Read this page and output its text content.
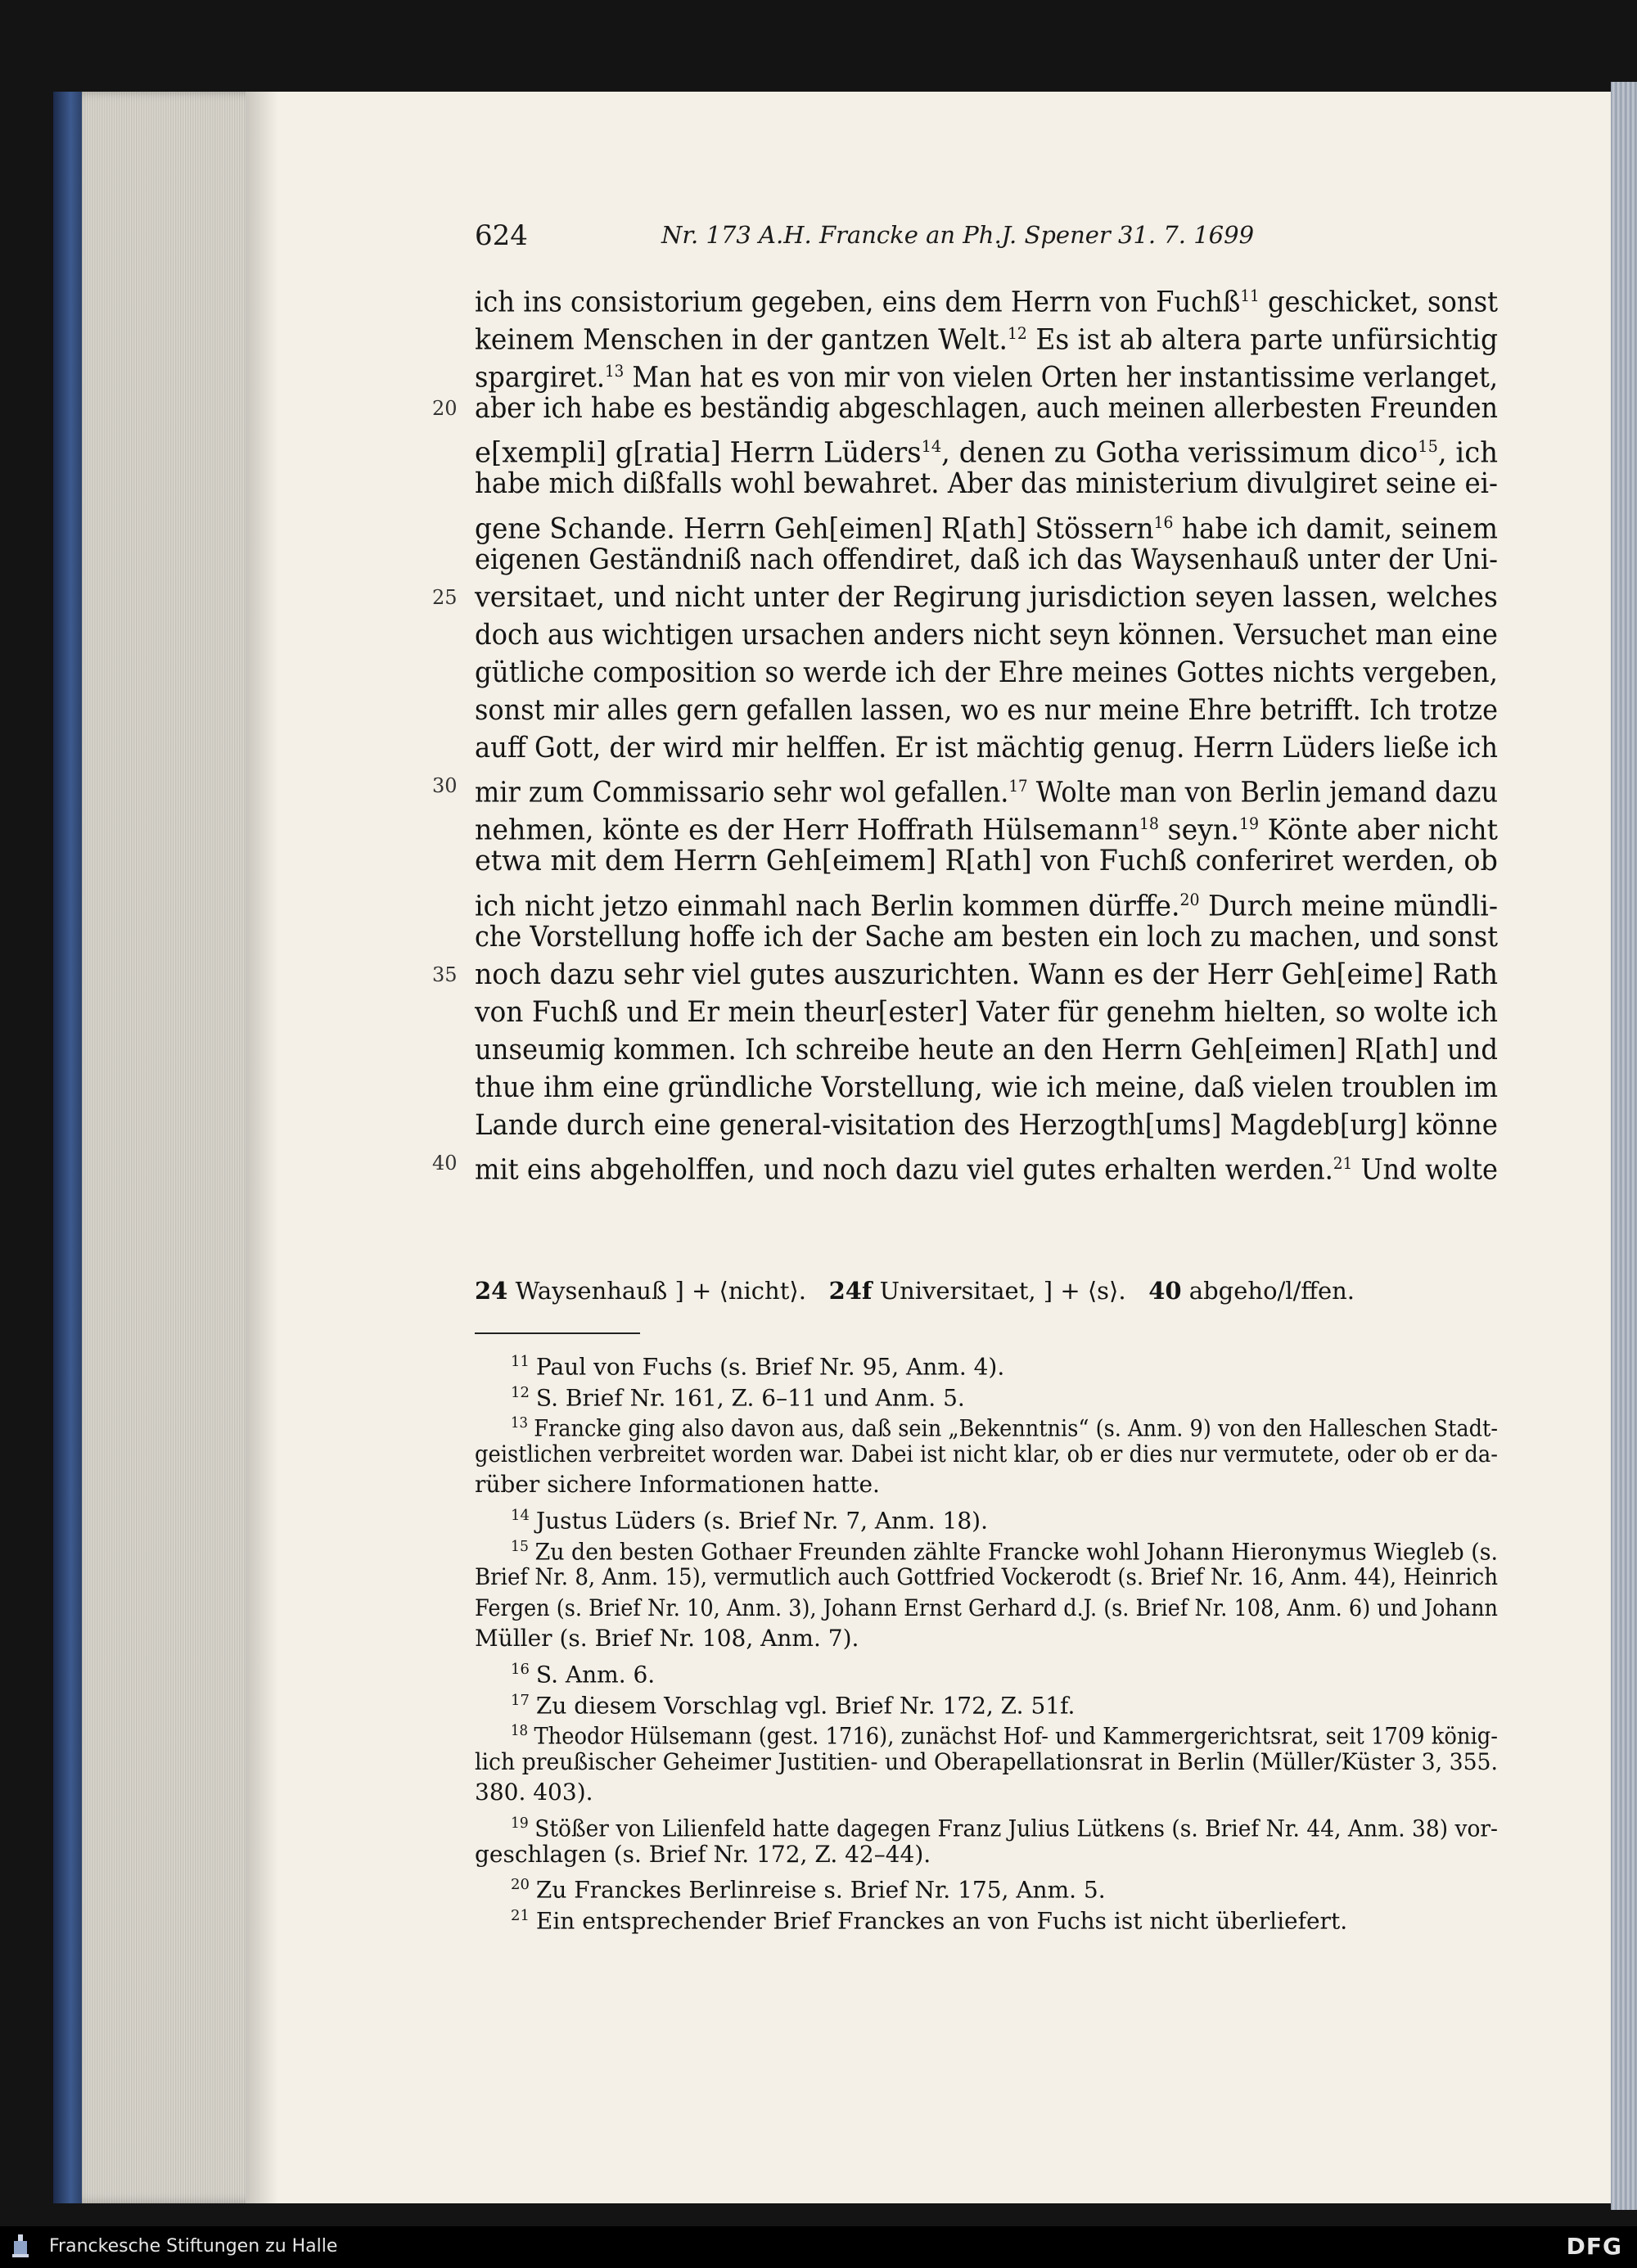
624	Nr. 173 A.H. Francke an Ph.J. Spener 31. 7. 1699
ich ins consistorium gegeben, eins dem Herrn von Fuchß$^{11}$ geschicket, sonst
keinem Menschen in der gantzen Welt.$^{12}$ Es ist ab altera parte unfürsichtig
spargiret.$^{13}$ Man hat es von mir von vielen Orten her instantissime verlanget,
aber ich habe es beständig abgeschlagen, auch meinen allerbesten Freunden
20
e[xempli] g[ratia] Herrn Lüders$^{14}$, denen zu Gotha verissimum dico$^{15}$, ich
habe mich dißfalls wohl bewahret. Aber das ministerium divulgiret seine ei-
gene Schande. Herrn Geh[eimen] R[ath] Stössern$^{16}$ habe ich damit, seinem
eigenen Geständniß nach offendiret, daß ich das Waysenhauß unter der Uni-
versitaet, und nicht unter der Regirung jurisdiction seyen lassen, welches
25
doch aus wichtigen ursachen anders nicht seyn können. Versuchet man eine
gütliche composition so werde ich der Ehre meines Gottes nichts vergeben,
sonst mir alles gern gefallen lassen, wo es nur meine Ehre betrifft. Ich trotze
auff Gott, der wird mir helffen. Er ist mächtig genug. Herrn Lüders ließe ich
mir zum Commissario sehr wol gefallen.$^{17}$ Wolte man von Berlin jemand dazu
30
nehmen, könte es der Herr Hoffrath Hülsemann$^{18}$ seyn.$^{19}$ Könte aber nicht
etwa mit dem Herrn Geh[eimem] R[ath] von Fuchß conferiret werden, ob
ich nicht jetzo einmahl nach Berlin kommen dürffe.$^{20}$ Durch meine mündli-
che Vorstellung hoffe ich der Sache am besten ein loch zu machen, und sonst
noch dazu sehr viel gutes auszurichten. Wann es der Herr Geh[eime] Rath
35
von Fuchß und Er mein theur[ester] Vater für genehm hielten, so wolte ich
unseumig kommen. Ich schreibe heute an den Herrn Geh[eimen] R[ath] und
thue ihm eine gründliche Vorstellung, wie ich meine, daß vielen troublen im
Lande durch eine general-visitation des Herzogth[ums] Magdeb[urg] könne
mit eins abgeholffen, und noch dazu viel gutes erhalten werden.$^{21}$ Und wolte
40
24 Waysenhauß ] + ⟨nicht⟩.   24f Universitaet, ] + ⟨s⟩.   40 abgeho/l/ffen.
$^{11}$ Paul von Fuchs (s. Brief Nr. 95, Anm. 4).
$^{12}$ S. Brief Nr. 161, Z. 6–11 und Anm. 5.
$^{13}$ Francke ging also davon aus, daß sein „Bekenntnis“ (s. Anm. 9) von den Halleschen Stadt-
geistlichen verbreitet worden war. Dabei ist nicht klar, ob er dies nur vermutete, oder ob er da-
rüber sichere Informationen hatte.
$^{14}$ Justus Lüders (s. Brief Nr. 7, Anm. 18).
$^{15}$ Zu den besten Gothaer Freunden zählte Francke wohl Johann Hieronymus Wiegleb (s.
Brief Nr. 8, Anm. 15), vermutlich auch Gottfried Vockerodt (s. Brief Nr. 16, Anm. 44), Heinrich
Fergen (s. Brief Nr. 10, Anm. 3), Johann Ernst Gerhard d.J. (s. Brief Nr. 108, Anm. 6) und Johann
Müller (s. Brief Nr. 108, Anm. 7).
$^{16}$ S. Anm. 6.
$^{17}$ Zu diesem Vorschlag vgl. Brief Nr. 172, Z. 51f.
$^{18}$ Theodor Hülsemann (gest. 1716), zunächst Hof- und Kammergerichtsrat, seit 1709 könig-
lich preußischer Geheimer Justitien- und Oberapellationsrat in Berlin (Müller/Küster 3, 355.
380. 403).
$^{19}$ Stößer von Lilienfeld hatte dagegen Franz Julius Lütkens (s. Brief Nr. 44, Anm. 38) vor-
geschlagen (s. Brief Nr. 172, Z. 42–44).
$^{20}$ Zu Franckes Berlinreise s. Brief Nr. 175, Anm. 5.
$^{21}$ Ein entsprechender Brief Franckes an von Fuchs ist nicht überliefert.
Franckesche Stiftungen zu Halle	DFG
